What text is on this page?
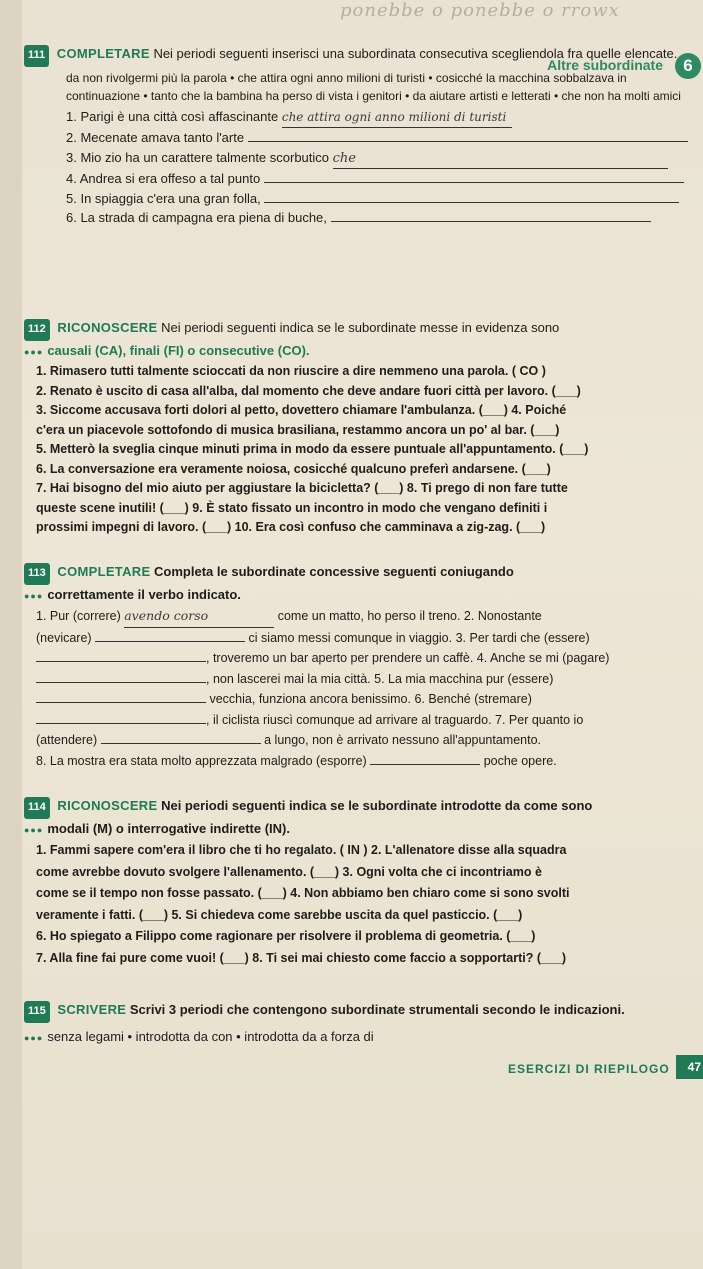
ponebbe o ponebbe o rrowx
Altre subordinate	6
111 COMPLETARE Nei periodi seguenti inserisci una subordinata consecutiva scegliendola fra quelle elencate.
da non rivolgermi più la parola • che attira ogni anno milioni di turisti • cosicché la macchina sobbalzava in continuazione • tanto che la bambina ha perso di vista i genitori • da aiutare artisti e letterati • che non ha molti amici
1. Parigi è una città così affascinante che attira ogni anno milioni di turisti
2. Mecenate amava tanto l'arte
3. Mio zio ha un carattere talmente scorbutico che
4. Andrea si era offeso a tal punto
5. In spiaggia c'era una gran folla,
6. La strada di campagna era piena di buche,
112 RICONOSCERE Nei periodi seguenti indica se le subordinate messe in evidenza sono
●●● causali (CA), finali (FI) o consecutive (CO).
1. Rimasero tutti talmente scioccati da non riuscire a dire nemmeno una parola. ( CO )
2. Renato è uscito di casa all'alba, dal momento che deve andare fuori città per lavoro. (___)
3. Siccome accusava forti dolori al petto, dovettero chiamare l'ambulanza. (___) 4. Poiché
c'era un piacevole sottofondo di musica brasiliana, restammo ancora un po' al bar. (___)
5. Metterò la sveglia cinque minuti prima in modo da essere puntuale all'appuntamento. (___)
6. La conversazione era veramente noiosa, cosicché qualcuno preferì andarsene. (___)
7. Hai bisogno del mio aiuto per aggiustare la bicicletta? (___) 8. Ti prego di non fare tutte
queste scene inutili! (___) 9. È stato fissato un incontro in modo che vengano definiti i
prossimi impegni di lavoro. (___) 10. Era così confuso che camminava a zig-zag. (___)
113 COMPLETARE Completa le subordinate concessive seguenti coniugando
●●● correttamente il verbo indicato.
1. Pur (correre) avendo corso	come un matto, ho perso il treno. 2. Nonostante
(nevicare)	ci siamo messi comunque in viaggio. 3. Per tardi che (essere)
, troveremo un bar aperto per prendere un caffè. 4. Anche se mi (pagare)
, non lascerei mai la mia città. 5. La mia macchina pur (essere)
vecchia, funziona ancora benissimo. 6. Benché (stremare)
, il ciclista riuscì comunque ad arrivare al traguardo. 7. Per quanto io
(attendere)	a lungo, non è arrivato nessuno all'appuntamento.
8. La mostra era stata molto apprezzata malgrado (esporre)	poche opere.
114 RICONOSCERE Nei periodi seguenti indica se le subordinate introdotte da come sono
●●● modali (M) o interrogative indirette (IN).
1. Fammi sapere com'era il libro che ti ho regalato. ( IN ) 2. L'allenatore disse alla squadra
come avrebbe dovuto svolgere l'allenamento. (___) 3. Ogni volta che ci incontriamo è
come se il tempo non fosse passato. (___) 4. Non abbiamo ben chiaro come si sono svolti
veramente i fatti. (___) 5. Si chiedeva come sarebbe uscita da quel pasticcio. (___)
6. Ho spiegato a Filippo come ragionare per risolvere il problema di geometria. (___)
7. Alla fine fai pure come vuoi! (___) 8. Ti sei mai chiesto come faccio a sopportarti? (___)
115 SCRIVERE Scrivi 3 periodi che contengono subordinate strumentali secondo le indicazioni.
●●● senza legami • introdotta da con • introdotta da a forza di
ESERCIZI DI RIEPILOGO	47
